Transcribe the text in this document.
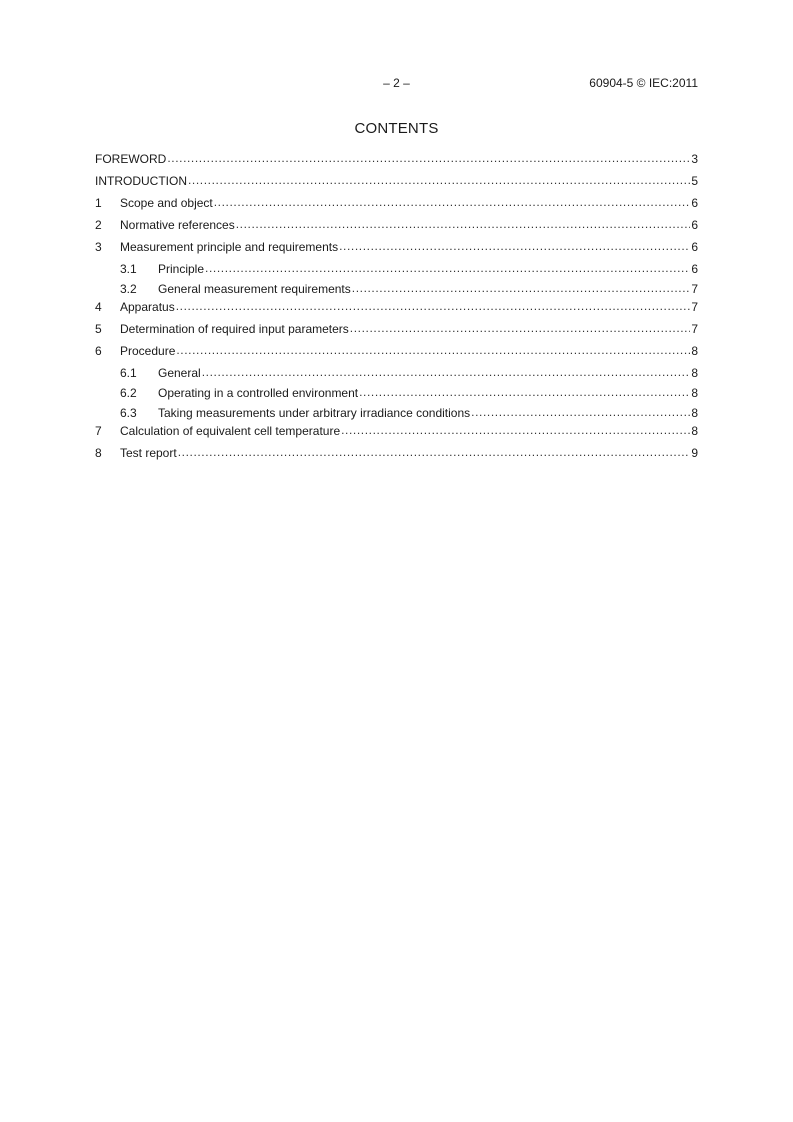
– 2 –	60904-5 © IEC:2011
CONTENTS
FOREWORD .....	3
INTRODUCTION .....	5
1	Scope and object .....	6
2	Normative references .....	6
3	Measurement principle and requirements .....	6
3.1	Principle .....	6
3.2	General measurement requirements .....	7
4	Apparatus .....	7
5	Determination of required input parameters .....	7
6	Procedure .....	8
6.1	General .....	8
6.2	Operating in a controlled environment .....	8
6.3	Taking measurements under arbitrary irradiance conditions .....	8
7	Calculation of equivalent cell temperature .....	8
8	Test report .....	9
